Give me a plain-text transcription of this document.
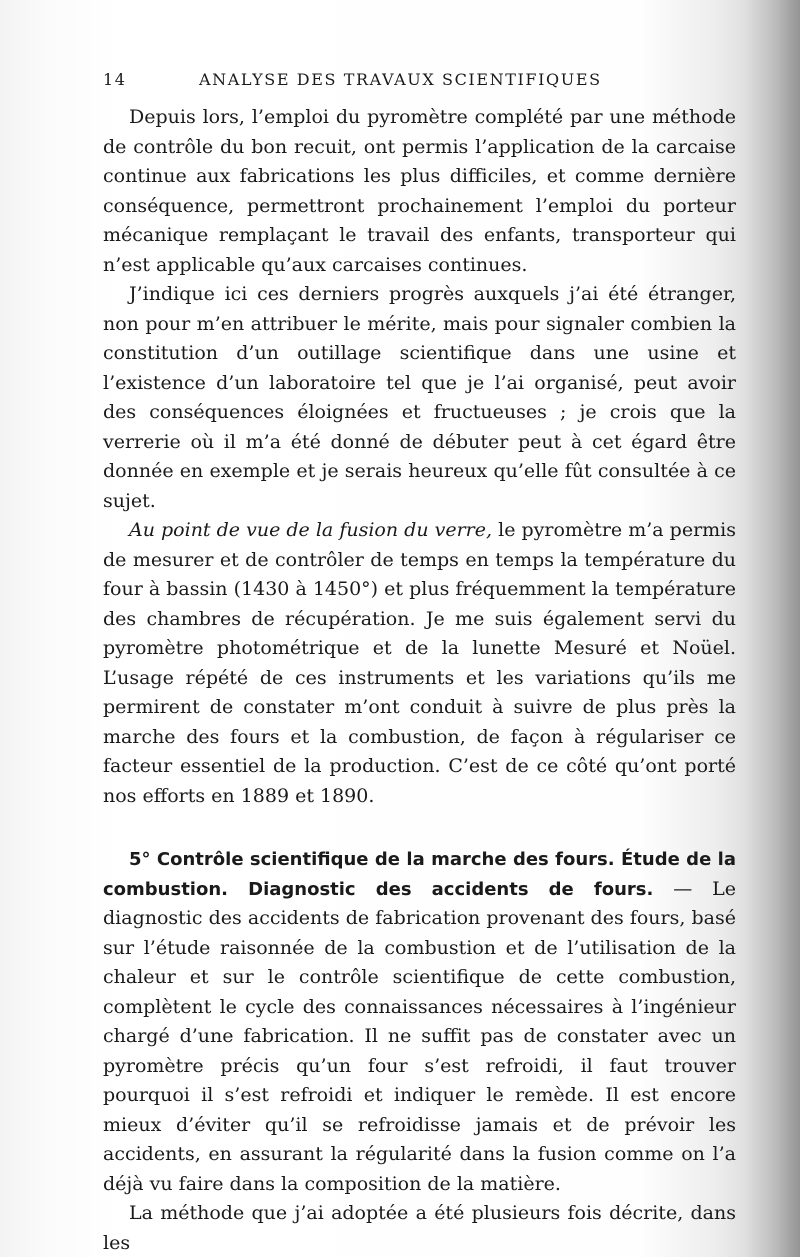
14	ANALYSE DES TRAVAUX SCIENTIFIQUES

Depuis lors, l’emploi du pyromètre complété par une méthode de contrôle du bon recuit, ont permis l’application de la carcaise continue aux fabrications les plus difficiles, et comme dernière conséquence, permettront prochainement l’emploi du porteur mécanique remplaçant le travail des enfants, transporteur qui n’est applicable qu’aux carcaises continues.

J’indique ici ces derniers progrès auxquels j’ai été étranger, non pour m’en attribuer le mérite, mais pour signaler combien la constitution d’un outillage scientifique dans une usine et l’existence d’un laboratoire tel que je l’ai organisé, peut avoir des conséquences éloignées et fructueuses ; je crois que la verrerie où il m’a été donné de débuter peut à cet égard être donnée en exemple et je serais heureux qu’elle fût consultée à ce sujet.

Au point de vue de la fusion du verre, le pyromètre m’a permis de mesurer et de contrôler de temps en temps la température du four à bassin (1430 à 1450°) et plus fréquemment la température des chambres de récupération. Je me suis également servi du pyromètre photométrique et de la lunette Mesuré et Noüel. L’usage répété de ces instruments et les variations qu’ils me permirent de constater m’ont conduit à suivre de plus près la marche des fours et la combustion, de façon à régulariser ce facteur essentiel de la production. C’est de ce côté qu’ont porté nos efforts en 1889 et 1890.

5° Contrôle scientifique de la marche des fours. Étude de la combustion. Diagnostic des accidents de fours. — Le diagnostic des accidents de fabrication provenant des fours, basé sur l’étude raisonnée de la combustion et de l’utilisation de la chaleur et sur le contrôle scientifique de cette combustion, complètent le cycle des connaissances nécessaires à l’ingénieur chargé d’une fabrication. Il ne suffit pas de constater avec un pyromètre précis qu’un four s’est refroidi, il faut trouver pourquoi il s’est refroidi et indiquer le remède. Il est encore mieux d’éviter qu’il se refroidisse jamais et de prévoir les accidents, en assurant la régularité dans la fusion comme on l’a déjà vu faire dans la composition de la matière.

La méthode que j’ai adoptée a été plusieurs fois décrite, dans les
